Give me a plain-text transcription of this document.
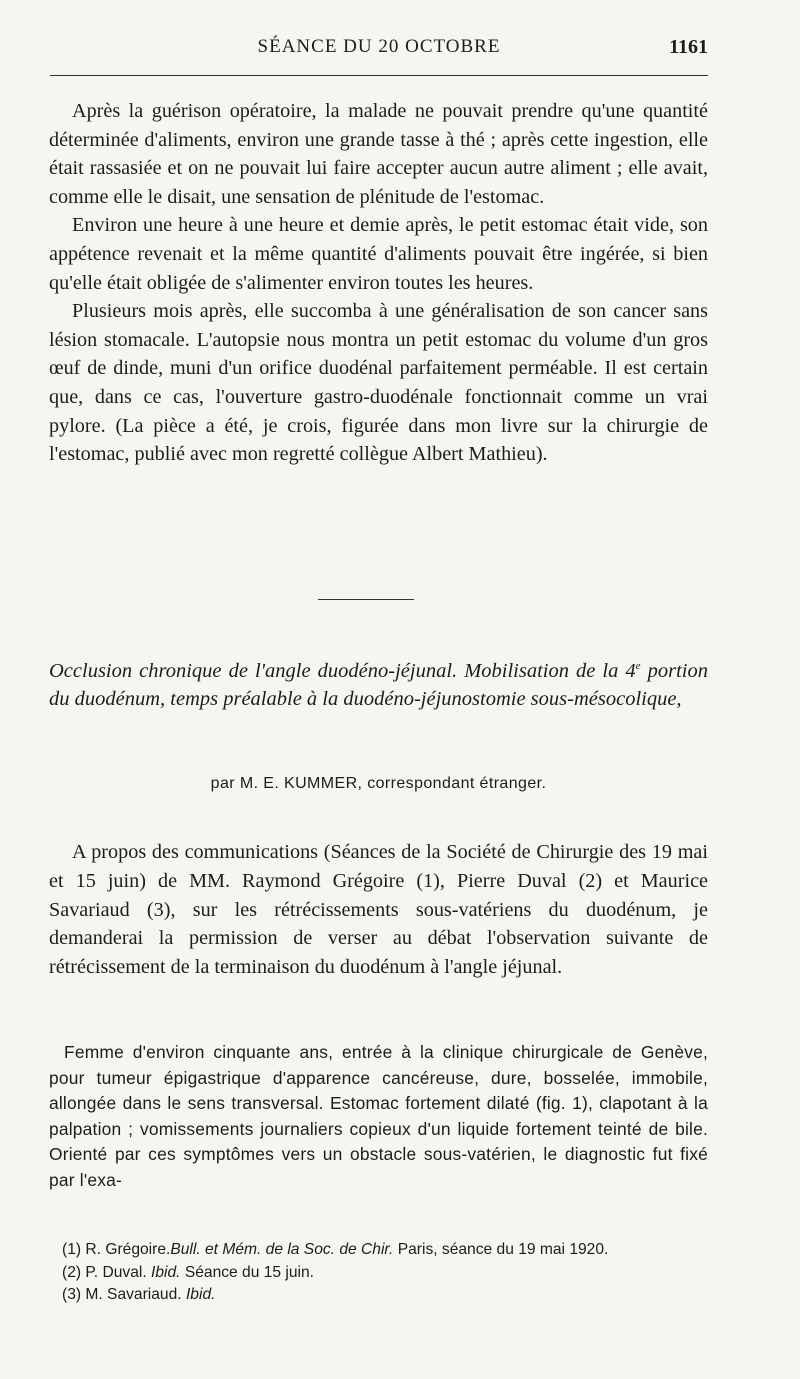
SÉANCE DU 20 OCTOBRE	1161

Après la guérison opératoire, la malade ne pouvait prendre qu'une quantité déterminée d'aliments, environ une grande tasse à thé ; après cette ingestion, elle était rassasiée et on ne pouvait lui faire accepter aucun autre aliment ; elle avait, comme elle le disait, une sensation de plénitude de l'estomac.

Environ une heure à une heure et demie après, le petit estomac était vide, son appétence revenait et la même quantité d'aliments pouvait être ingérée, si bien qu'elle était obligée de s'alimenter environ toutes les heures.

Plusieurs mois après, elle succomba à une généralisation de son cancer sans lésion stomacale. L'autopsie nous montra un petit estomac du volume d'un gros œuf de dinde, muni d'un orifice duodénal parfaitement perméable. Il est certain que, dans ce cas, l'ouverture gastro-duodénale fonctionnait comme un vrai pylore. (La pièce a été, je crois, figurée dans mon livre sur la chirurgie de l'estomac, publié avec mon regretté collègue Albert Mathieu).

Occlusion chronique de l'angle duodéno-jéjunal. Mobilisation de la 4e portion du duodénum, temps préalable à la duodéno-jéjunostomie sous-mésocolique,
par M. E. KUMMER, correspondant étranger.

A propos des communications (Séances de la Société de Chirurgie des 19 mai et 15 juin) de MM. Raymond Grégoire (1), Pierre Duval (2) et Maurice Savariaud (3), sur les rétrécissements sous-vatériens du duodénum, je demanderai la permission de verser au débat l'observation suivante de rétrécissement de la terminaison du duodénum à l'angle jéjunal.

Femme d'environ cinquante ans, entrée à la clinique chirurgicale de Genève, pour tumeur épigastrique d'apparence cancéreuse, dure, bosselée, immobile, allongée dans le sens transversal. Estomac fortement dilaté (fig. 1), clapotant à la palpation ; vomissements journaliers copieux d'un liquide fortement teinté de bile. Orienté par ces symptômes vers un obstacle sous-vatérien, le diagnostic fut fixé par l'exa-
(1) R. Grégoire.Bull. et Mém. de la Soc. de Chir. Paris, séance du 19 mai 1920.
(2) P. Duval. Ibid. Séance du 15 juin.
(3) M. Savariaud. Ibid.
